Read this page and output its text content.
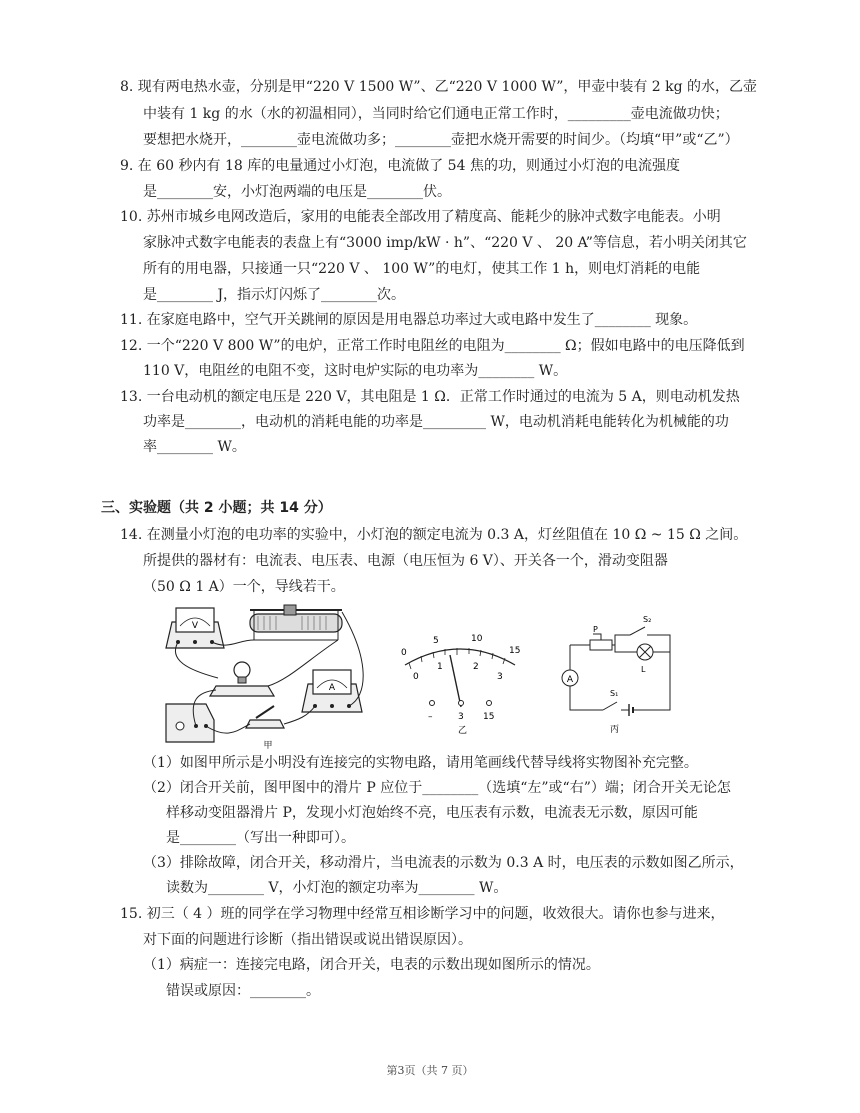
8. 现有两电热水壶，分别是甲“220 V 1500 W”、乙“220 V 1000 W”，甲壶中装有 2 kg 的水，乙壶
中装有 1 kg 的水（水的初温相同），当同时给它们通电正常工作时，_________壶电流做功快；
要想把水烧开，________壶电流做功多；________壶把水烧开需要的时间少。（均填“甲”或“乙”）
9. 在 60 秒内有 18 库的电量通过小灯泡，电流做了 54 焦的功，则通过小灯泡的电流强度
是________安，小灯泡两端的电压是________伏。
10. 苏州市城乡电网改造后，家用的电能表全部改用了精度高、能耗少的脉冲式数字电能表。小明
家脉冲式数字电能表的表盘上有“3000 imp/kW · h”、“220 V 、 20 A”等信息，若小明关闭其它
所有的用电器，只接通一只“220 V 、 100 W”的电灯，使其工作 1 h，则电灯消耗的电能
是________ J，指示灯闪烁了________次。
11. 在家庭电路中，空气开关跳闸的原因是用电器总功率过大或电路中发生了________ 现象。
12. 一个“220 V 800 W”的电炉，正常工作时电阻丝的电阻为________ Ω；假如电路中的电压降低到
110 V，电阻丝的电阻不变，这时电炉实际的电功率为________ W。
13. 一台电动机的额定电压是 220 V，其电阻是 1 Ω．正常工作时通过的电流为 5 A，则电动机发热
功率是________，电动机的消耗电能的功率是_________ W，电动机消耗电能转化为机械能的功
率________ W。
三、实验题（共 2 小题；共 14 分）
14. 在测量小灯泡的电功率的实验中，小灯泡的额定电流为 0.3 A，灯丝阻值在 10 Ω ~ 15 Ω 之间。
所提供的器材有：电流表、电压表、电源（电压恒为 6 V）、开关各一个，滑动变阻器
（50 Ω 1 A）一个，导线若干。
V
A
甲
0
5	10
15
0
1	2
3
–	3 15
乙
A
P
S₂
L
S₁
丙
（1）如图甲所示是小明没有连接完的实物电路，请用笔画线代替导线将实物图补充完整。
（2）闭合开关前，图甲图中的滑片 P 应位于________（选填“左”或“右”）端；闭合开关无论怎
样移动变阻器滑片 P，发现小灯泡始终不亮，电压表有示数，电流表无示数，原因可能
是________（写出一种即可）。
（3）排除故障，闭合开关，移动滑片，当电流表的示数为 0.3 A 时，电压表的示数如图乙所示，
读数为________ V，小灯泡的额定功率为________ W。
15. 初三（ 4 ）班的同学在学习物理中经常互相诊断学习中的问题，收效很大。请你也参与进来，
对下面的问题进行诊断（指出错误或说出错误原因）。
（1）病症一：连接完电路，闭合开关，电表的示数出现如图所示的情况。
错误或原因：________。
第3页（共 7 页）
